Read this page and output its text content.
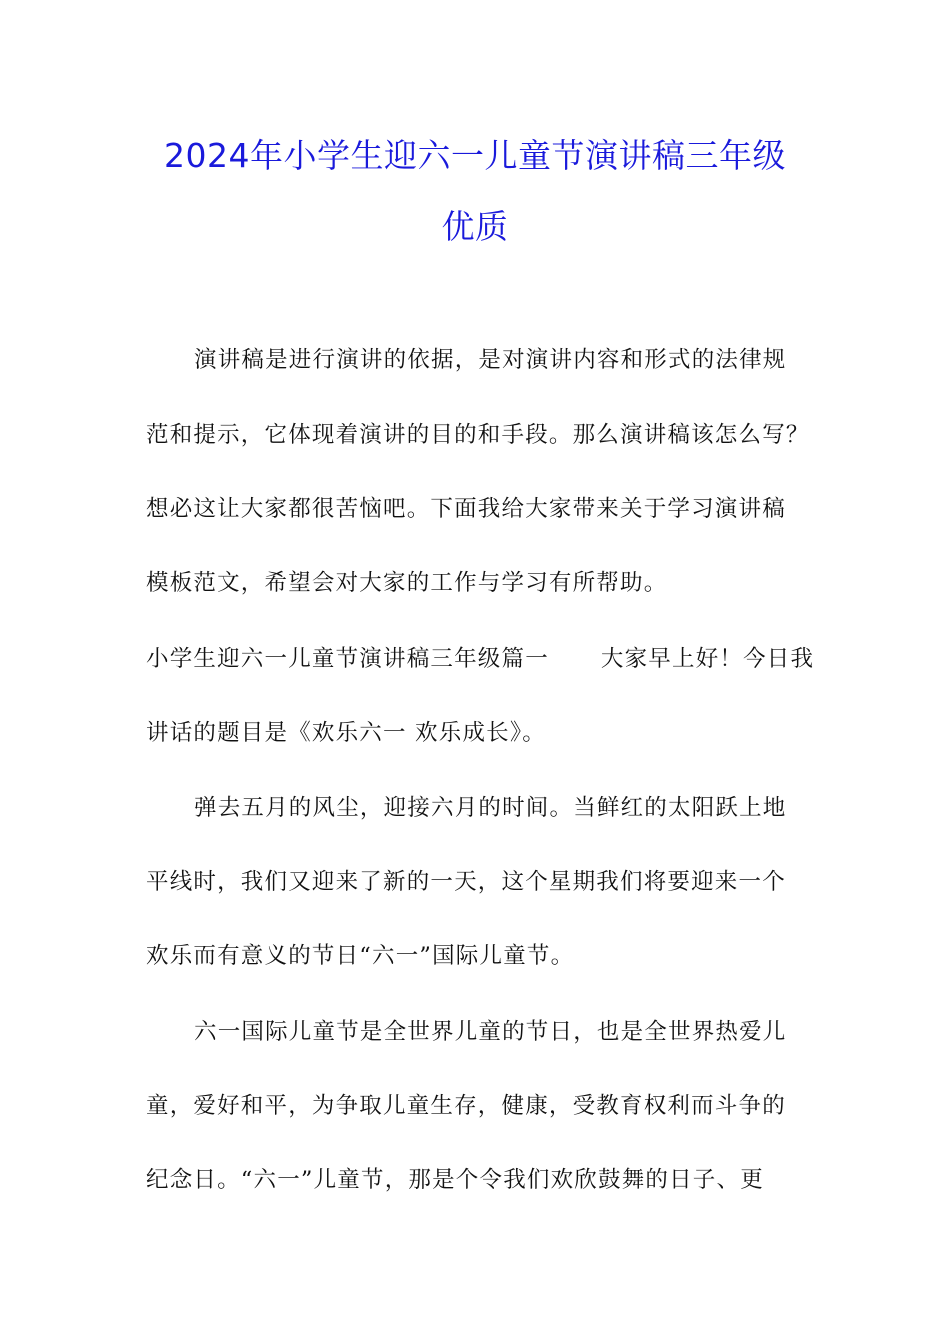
2024年小学生迎六一儿童节演讲稿三年级
优质
演讲稿是进行演讲的依据，是对演讲内容和形式的法律规
范和提示，它体现着演讲的目的和手段。那么演讲稿该怎么写？
想必这让大家都很苦恼吧。下面我给大家带来关于学习演讲稿
模板范文，希望会对大家的工作与学习有所帮助。
小学生迎六一儿童节演讲稿三年级篇一 大家早上好！今日我
讲话的题目是《欢乐六一 欢乐成长》。
弹去五月的风尘，迎接六月的时间。当鲜红的太阳跃上地
平线时，我们又迎来了新的一天，这个星期我们将要迎来一个
欢乐而有意义的节日“六一”国际儿童节。
六一国际儿童节是全世界儿童的节日，也是全世界热爱儿
童，爱好和平，为争取儿童生存，健康，受教育权利而斗争的
纪念日。“六一”儿童节，那是个令我们欢欣鼓舞的日子、更
